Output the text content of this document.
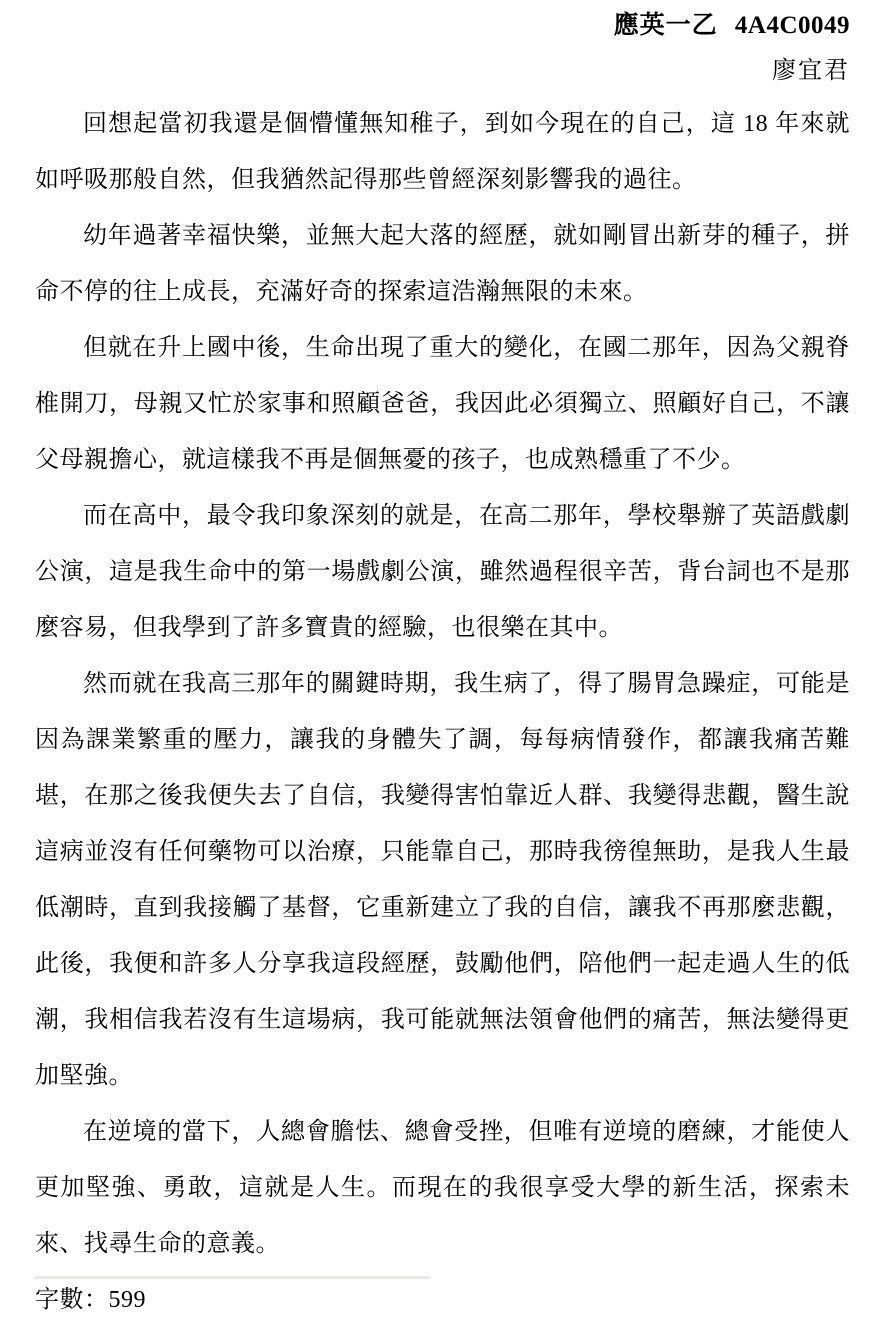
應英一乙 4A4C0049
廖宜君

回想起當初我還是個懵懂無知稚子，到如今現在的自己，這 18 年來就如呼吸那般自然，但我猶然記得那些曾經深刻影響我的過往。

幼年過著幸福快樂，並無大起大落的經歷，就如剛冒出新芽的種子，拼命不停的往上成長，充滿好奇的探索這浩瀚無限的未來。

但就在升上國中後，生命出現了重大的變化，在國二那年，因為父親脊椎開刀，母親又忙於家事和照顧爸爸，我因此必須獨立、照顧好自己，不讓父母親擔心，就這樣我不再是個無憂的孩子，也成熟穩重了不少。

而在高中，最令我印象深刻的就是，在高二那年，學校舉辦了英語戲劇公演，這是我生命中的第一場戲劇公演，雖然過程很辛苦，背台詞也不是那麼容易，但我學到了許多寶貴的經驗，也很樂在其中。

然而就在我高三那年的關鍵時期，我生病了，得了腸胃急躁症，可能是因為課業繁重的壓力，讓我的身體失了調，每每病情發作，都讓我痛苦難堪，在那之後我便失去了自信，我變得害怕靠近人群、我變得悲觀，醫生說這病並沒有任何藥物可以治療，只能靠自己，那時我徬徨無助，是我人生最低潮時，直到我接觸了基督，它重新建立了我的自信，讓我不再那麼悲觀，此後，我便和許多人分享我這段經歷，鼓勵他們，陪他們一起走過人生的低潮，我相信我若沒有生這場病，我可能就無法領會他們的痛苦，無法變得更加堅強。

在逆境的當下，人總會膽怯、總會受挫，但唯有逆境的磨練，才能使人更加堅強、勇敢，這就是人生。而現在的我很享受大學的新生活，探索未來、找尋生命的意義。

字數：599
